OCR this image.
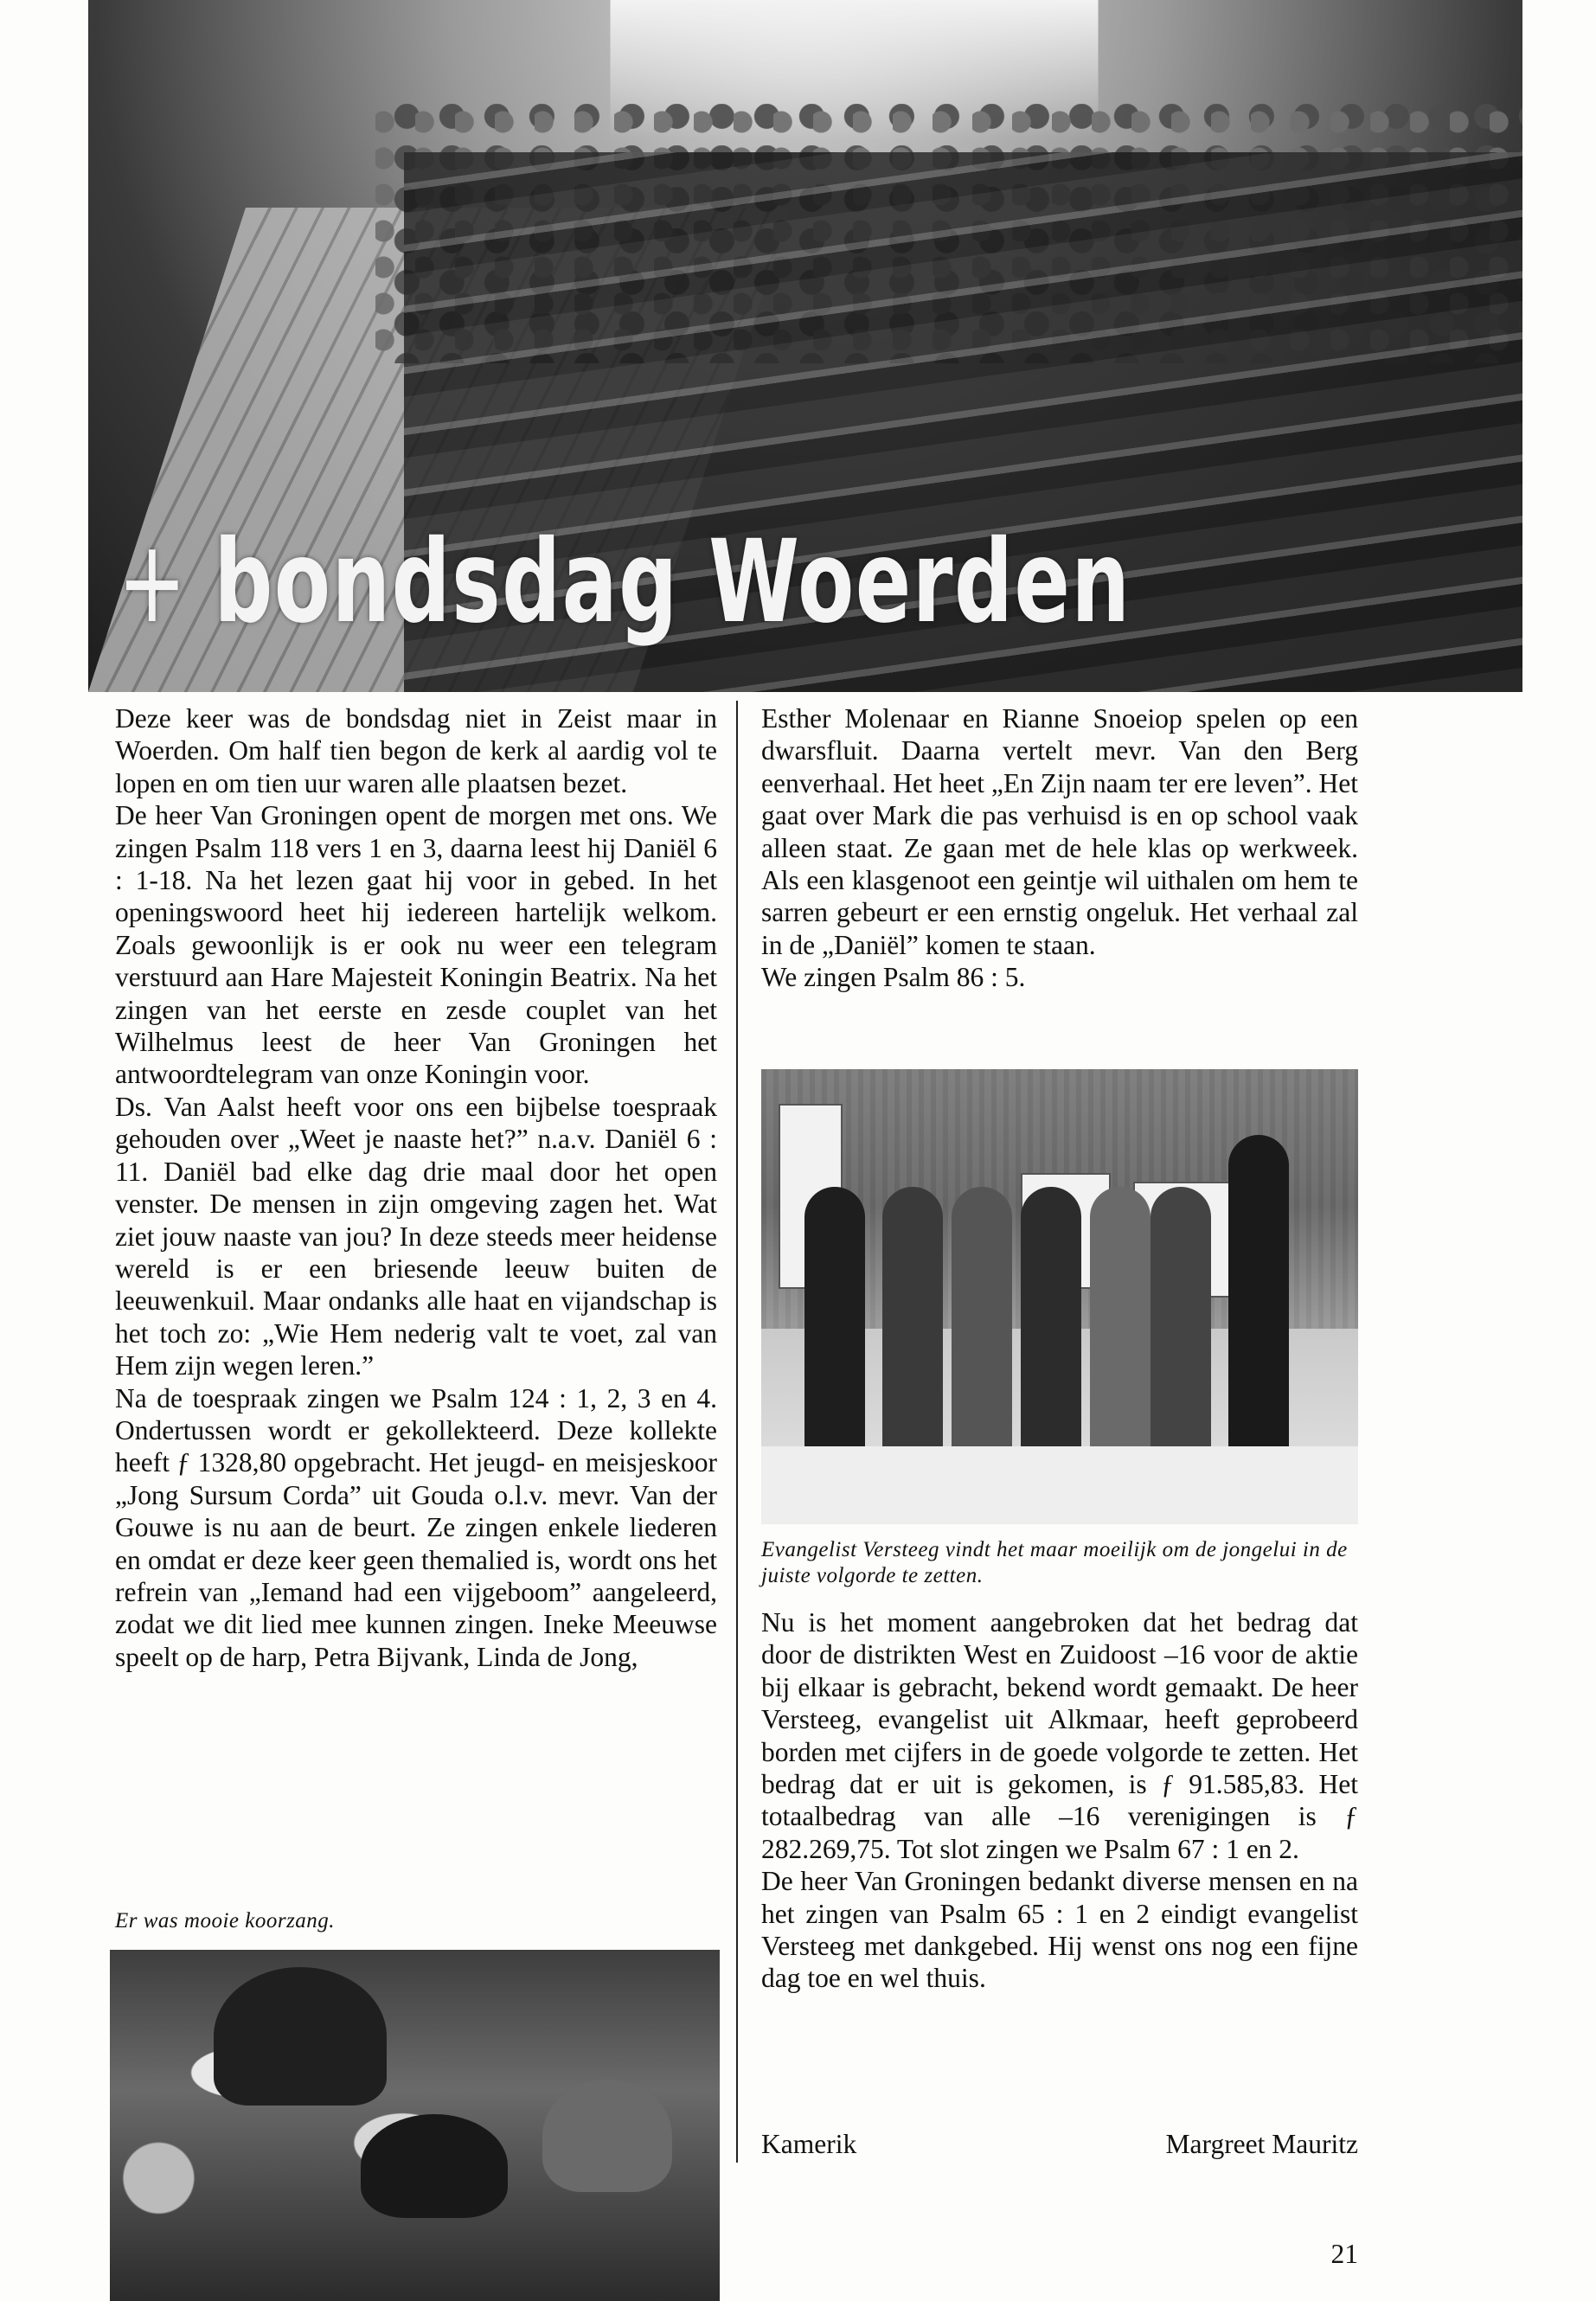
+ bondsdag Woerden

Deze keer was de bondsdag niet in Zeist maar in Woerden. Om half tien begon de kerk al aardig vol te lopen en om tien uur waren alle plaatsen bezet.

De heer Van Groningen opent de morgen met ons. We zingen Psalm 118 vers 1 en 3, daarna leest hij Daniël 6 : 1-18. Na het lezen gaat hij voor in gebed. In het openingswoord heet hij iedereen hartelijk welkom. Zoals gewoonlijk is er ook nu weer een telegram verstuurd aan Hare Majesteit Koningin Beatrix. Na het zingen van het eerste en zesde couplet van het Wilhelmus leest de heer Van Groningen het antwoordtelegram van onze Koningin voor.

Ds. Van Aalst heeft voor ons een bijbelse toespraak gehouden over „Weet je naaste het?” n.a.v. Daniël 6 : 11. Daniël bad elke dag drie maal door het open venster. De mensen in zijn omgeving zagen het. Wat ziet jouw naaste van jou? In deze steeds meer heidense wereld is er een briesende leeuw buiten de leeuwenkuil. Maar ondanks alle haat en vijandschap is het toch zo: „Wie Hem nederig valt te voet, zal van Hem zijn wegen leren.”

Na de toespraak zingen we Psalm 124 : 1, 2, 3 en 4. Ondertussen wordt er gekollekteerd. Deze kollekte heeft ƒ 1328,80 opgebracht. Het jeugd- en meisjeskoor „Jong Sursum Corda” uit Gouda o.l.v. mevr. Van der Gouwe is nu aan de beurt. Ze zingen enkele liederen en omdat er deze keer geen themalied is, wordt ons het refrein van „Iemand had een vijgeboom” aangeleerd, zodat we dit lied mee kunnen zingen. Ineke Meeuwse speelt op de harp, Petra Bijvank, Linda de Jong,

Er was mooie koorzang.

Esther Molenaar en Rianne Snoeiop spelen op een dwarsfluit. Daarna vertelt mevr. Van den Berg eenverhaal. Het heet „En Zijn naam ter ere leven”. Het gaat over Mark die pas verhuisd is en op school vaak alleen staat. Ze gaan met de hele klas op werkweek. Als een klasgenoot een geintje wil uithalen om hem te sarren gebeurt er een ernstig ongeluk. Het verhaal zal in de „Daniël” komen te staan.

We zingen Psalm 86 : 5.

Evangelist Versteeg vindt het maar moeilijk om de jongelui in de juiste volgorde te zetten.

Nu is het moment aangebroken dat het bedrag dat door de distrikten West en Zuidoost –16 voor de aktie bij elkaar is gebracht, bekend wordt gemaakt. De heer Versteeg, evangelist uit Alkmaar, heeft geprobeerd borden met cijfers in de goede volgorde te zetten. Het bedrag dat er uit is gekomen, is ƒ 91.585,83. Het totaalbedrag van alle –16 verenigingen is ƒ 282.269,75. Tot slot zingen we Psalm 67 : 1 en 2.

De heer Van Groningen bedankt diverse mensen en na het zingen van Psalm 65 : 1 en 2 eindigt evangelist Versteeg met dankgebed. Hij wenst ons nog een fijne dag toe en wel thuis.

Kamerik	Margreet Mauritz
21
